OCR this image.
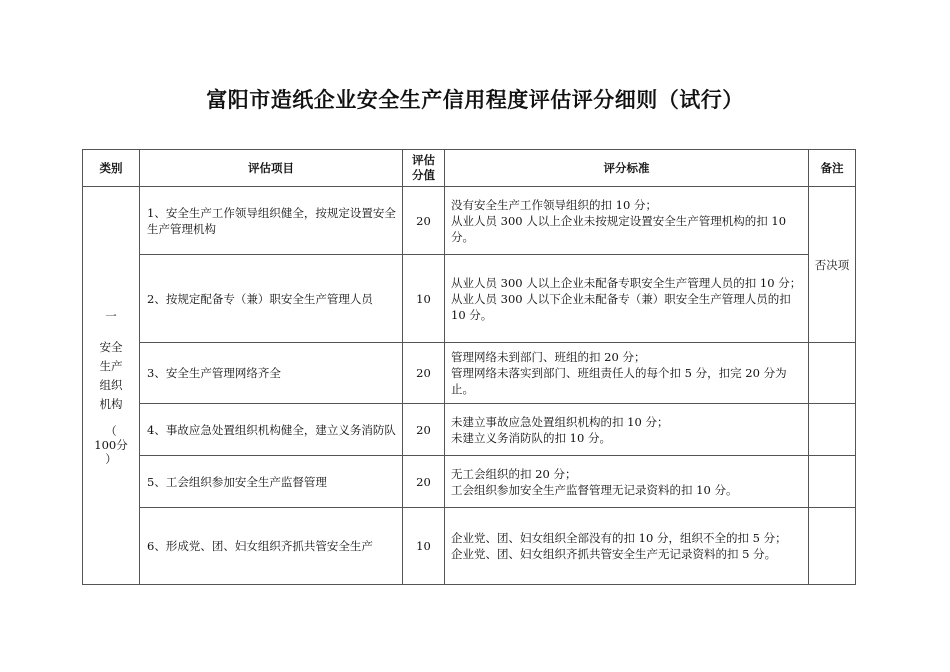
富阳市造纸企业安全生产信用程度评估评分细则（试行）
类别	评估项目	评估分值	评分标准	备注

一
安全生产组织机构
（
100分
）	1、安全生产工作领导组织健全，按规定设置安全生产管理机构	20	没有安全生产工作领导组织的扣 10 分；
从业人员 300 人以上企业未按规定设置安全生产管理机构的扣 10 分。	否决项
	2、按规定配备专（兼）职安全生产管理人员	10	从业人员 300 人以上企业未配备专职安全生产管理人员的扣 10 分；
从业人员 300 人以下企业未配备专（兼）职安全生产管理人员的扣 10 分。	

	3、安全生产管理网络齐全	20	管理网络未到部门、班组的扣 20 分；
管理网络未落实到部门、班组责任人的每个扣 5 分，扣完 20 分为止。	

	4、事故应急处置组织机构健全，建立义务消防队	20	未建立事故应急处置组织机构的扣 10 分；
未建立义务消防队的扣 10 分。	

	5、工会组织参加安全生产监督管理	20	无工会组织的扣 20 分；
工会组织参加安全生产监督管理无记录资料的扣 10 分。	

	6、形成党、团、妇女组织齐抓共管安全生产	10	企业党、团、妇女组织全部没有的扣 10 分，组织不全的扣 5 分；
企业党、团、妇女组织齐抓共管安全生产无记录资料的扣 5 分。	
